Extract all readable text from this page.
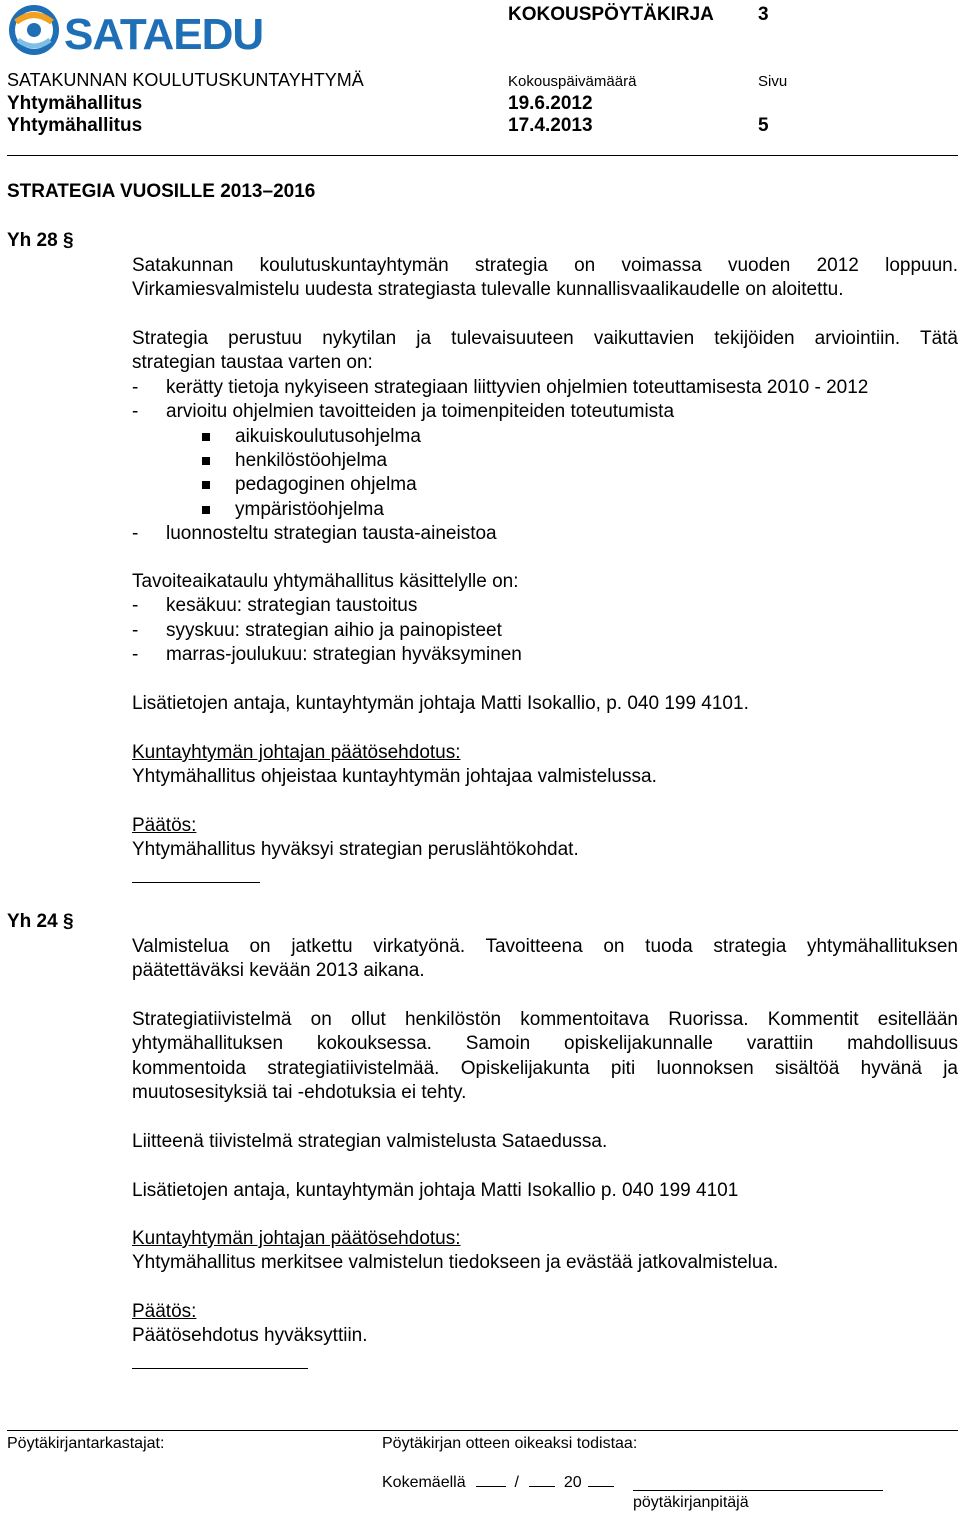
SATAEDU	KOKOUSPÖYTÄKIRJA 3
SATAKUNNAN KOULUTUSKUNTAYHTYMÄ	Kokouspäivämäärä	Sivu
Yhtymähallitus	19.6.2012
Yhtymähallitus	17.4.2013	5
STRATEGIA VUOSILLE 2013–2016
Yh 28 §
Satakunnan koulutuskuntayhtymän strategia on voimassa vuoden 2012 loppuun.
Virkamiesvalmistelu uudesta strategiasta tulevalle kunnallisvaalikaudelle on aloitettu.
Strategia perustuu nykytilan ja tulevaisuuteen vaikuttavien tekijöiden arviointiin. Tätä
strategian taustaa varten on:
- kerätty tietoja nykyiseen strategiaan liittyvien ohjelmien toteuttamisesta 2010 - 2012
- arvioitu ohjelmien tavoitteiden ja toimenpiteiden toteutumista
aikuiskoulutusohjelma
henkilöstöohjelma
pedagoginen ohjelma
ympäristöohjelma
- luonnosteltu strategian tausta-aineistoa
Tavoiteaikataulu yhtymähallitus käsittelylle on:
- kesäkuu: strategian taustoitus
- syyskuu: strategian aihio ja painopisteet
- marras-joulukuu: strategian hyväksyminen
Lisätietojen antaja, kuntayhtymän johtaja Matti Isokallio, p. 040 199 4101.
Kuntayhtymän johtajan päätösehdotus:
Yhtymähallitus ohjeistaa kuntayhtymän johtajaa valmistelussa.
Päätös:
Yhtymähallitus hyväksyi strategian peruslähtökohdat.
Yh 24 §
Valmistelua on jatkettu virkatyönä. Tavoitteena on tuoda strategia yhtymähallituksen
päätettäväksi kevään 2013 aikana.
Strategiatiivistelmä on ollut henkilöstön kommentoitava Ruorissa. Kommentit esitellään
yhtymähallituksen kokouksessa. Samoin opiskelijakunnalle varattiin mahdollisuus
kommentoida strategiatiivistelmää. Opiskelijakunta piti luonnoksen sisältöä hyvänä ja
muutosesityksiä tai -ehdotuksia ei tehty.
Liitteenä tiivistelmä strategian valmistelusta Sataedussa.
Lisätietojen antaja, kuntayhtymän johtaja Matti Isokallio p. 040 199 4101
Kuntayhtymän johtajan päätösehdotus:
Yhtymähallitus merkitsee valmistelun tiedokseen ja evästää jatkovalmistelua.
Päätös:
Päätösehdotus hyväksyttiin.
Pöytäkirjantarkastajat:	Pöytäkirjan otteen oikeaksi todistaa:
Kokemäellä	/	20
pöytäkirjanpitäjä
